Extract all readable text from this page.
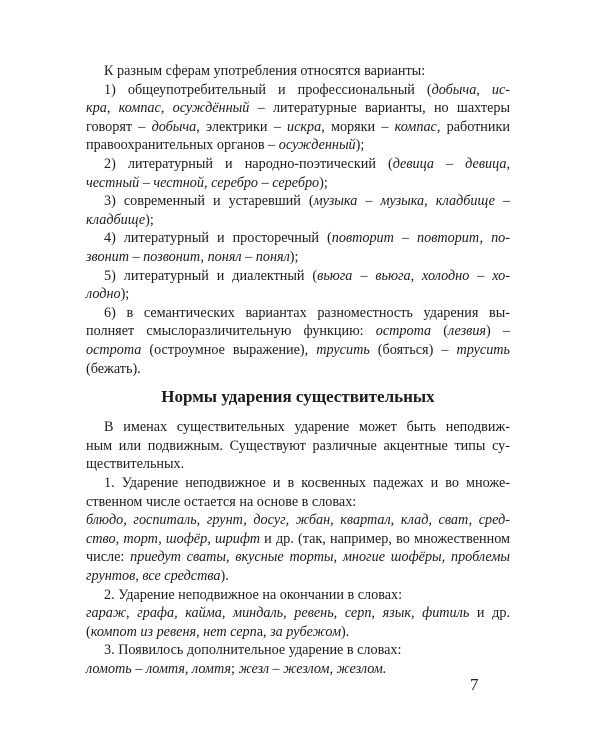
К разным сферам употребления относятся варианты:
1) общеупотребительный и профессиональный (добыча, ис-
кра, компас, осуждённый – литературные варианты, но шахтеры
говорят – добыча, электрики – искра, моряки – компас, работники
правоохранительных органов – осужденный);
2) литературный и народно-поэтический (девица – девица,
честный – честной, серебро – серебро);
3) современный и устаревший (музыка – музыка, кладбище –
кладбище);
4) литературный и просторечный (повторит – повторит, по-
звонит – позвонит, понял – понял);
5) литературный и диалектный (вьюга – вьюга, холодно – хо-
лодно);
6) в семантических вариантах разноместность ударения вы-
полняет смыслоразличительную функцию: острота (лезвия) –
острота (остроумное выражение), трусить (бояться) – трусить
(бежать).
Нормы ударения существительных
В именах существительных ударение может быть неподвиж-
ным или подвижным. Существуют различные акцентные типы су-
ществительных.
1. Ударение неподвижное и в косвенных падежах и во множе-
ственном числе остается на основе в словах:
блюдо, госпиталь, грунт, досуг, жбан, квартал, клад, сват, сред-
ство, торт, шофёр, шрифт и др. (так, например, во множественном
числе: приедут сваты, вкусные торты, многие шофёры, проблемы
грунтов, все средства).
2. Ударение неподвижное на окончании в словах:
гараж, графа, кайма, миндаль, ревень, серп, язык, фитиль и др.
(компот из ревеня, нет серпа, за рубежом).
3. Появилось дополнительное ударение в словах:
ломоть – ломтя, ломтя; жезл – жезлом, жезлом.
7
